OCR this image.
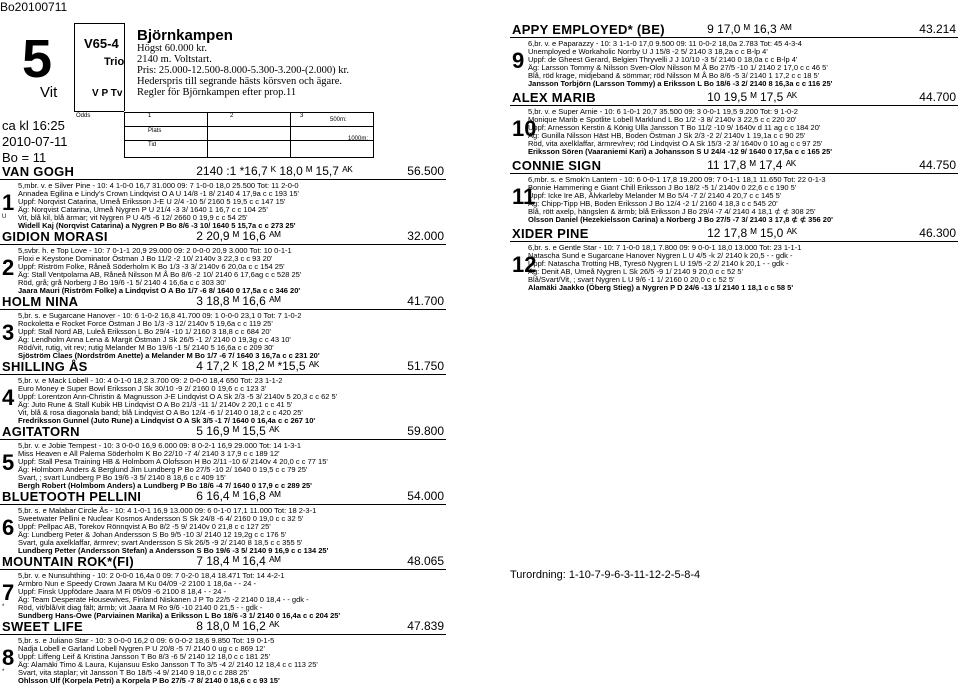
Bo20100711
5 V65-4
Trio
V P Tv
Vit
Björnkampen
Högst 60.000 kr.
2140 m. Voltstart.
Pris: 25.000-12.500-8.000-5.300-3.200-(2.000) kr.
Hederspris till segrande hästs körsven och ägare.
Regler för Björnkampen efter prop.11
ca kl 16:25
2010-07-11
Bo = 11
Odds	1	2	3
Plats
Tid
500m:
1000m:
VAN GOGH	2140 :1 *16,7 ᴷ 18,0 ᴹ 15,7 ᴬᴷ	56.500
1
U
5,mbr. v. e Silver Pine - 10: 4 1-0-0 16,7 31.000 09: 7 1-0-0 18,0 25.500 Tot: 11 2-0-0
Annadea Egilina e Lindy's Crown Lindqvist O A U 14/8 -1 8/ 2140 4 17,9a c c 193 15'
Uppf: Norqvist Catarina, Umeå Eriksson J-E U 2/4 -10 5/ 2160 5 19,5 c c 147 15'
Äg: Norqvist Catarina, Umeå Nygren P U 21/4 -3 3/ 1640 1 16,7 c c 104 25'
Vit, blå kil, blå ärmar; vit Nygren P U 4/5 -6 12/ 2660 0 19,9 c c 54 25'
Widell Kaj (Norqvist Catarina) a Nygren P Bo 8/6 -3 10/ 1640 5 15,7a c c 273 25'
GIDION MORASI	2 20,9 ᴹ 16,6 ᴬᴹ	32.000
2
5,svbr. h. e Top Love - 10: 7 0-1-1 20,9 29.000 09: 2 0-0-0 20,9 3.000 Tot: 10 0-1-1
Floxi e Keystone Dominator Östman J Bo 11/2 -2 10/ 2140v 3 22,3 c c 93 20'
Uppf: Riström Folke, Råneå Söderholm K Bo 1/3 -3 3/ 2140v 6 20,0a c c 154 25'
Äg: Stall Ventpolarna AB, Råneå Nilsson M Å Bo 8/6 -2 10/ 2140 6 17,6ag c c 528 25'
Röd, grå; grå Norberg J Bo 19/6 -1 5/ 2140 4 16,6a c c 303 30'
Jaara Mauri (Riström Folke) a Lindqvist O A Bo 1/7 -6 8/ 1640 0 17,5a c c 346 20'
HOLM NINA	3 18,8 ᴹ 16,6 ᴬᴹ	41.700
3
5,br. s. e Sugarcane Hanover - 10: 6 1-0-2 16,8 41.700 09: 1 0-0-0 23,1 0 Tot: 7 1-0-2
Rockoletta e Rocket Force Östman J Bo 1/3 -3 12/ 2140v 5 19,6a c c 119 25'
Uppf: Stall Nord AB, Luleå Eriksson L Bo 29/4 -10 1/ 2160 3 18,8 c c 684 20'
Äg: Lendholm Anna Lena & Margit Östman J Sk 26/5 -1 2/ 2140 0 19,3g c c 43 10'
Röd/vit, rutig, vit rev; rutig Melander M Bo 19/6 -1 5/ 2140 5 16,6a c c 209 30'
Sjöström Claes (Nordström Anette) a Melander M Bo 1/7 -6 7/ 1640 3 16,7a c c 231 20'
SHILLING ÅS	4 17,2 ᴷ 18,2 ᴹ *15,5 ᴬᴷ	51.750
4
5,br. v. e Mack Lobell - 10: 4 0-1-0 18,2 3.700 09: 2 0-0-0 18,4 650 Tot: 23 1-1-2
Euro Money e Super Bowl Eriksson J Sk 30/10 -9 2/ 2160 0 19,6 c c 123 3'
Uppf: Lorentzon Ann-Christin & Magnusson J-E Lindqvist O A Sk 2/3 -5 3/ 2140v 5 20,3 c c 62 5'
Äg: Juto Rune & Stall Kubik HB Lindqvist O A Bo 21/3 -11 1/ 2140v 2 20,1 c c 41 5'
Vit, blå & rosa diagonala band; blå Lindqvist O A Bo 12/4 -6 1/ 2140 0 18,2 c c 420 25'
Fredriksson Gunnel (Juto Rune) a Lindqvist O A Sk 3/5 -1 7/ 1640 0 16,4a c c 267 10'
AGITATORN	5 16,9 ᴹ 15,5 ᴬᴷ	59.800
5
5,br. v. e Jobie Tempest - 10: 3 0-0-0 16,9 6.000 09: 8 0-2-1 16,9 29.000 Tot: 14 1-3-1
Miss Heaven e All Palema Söderholm K Bo 22/10 -7 4/ 2140 3 17,9 c c 189 12'
Uppf: Stall Pesa Training HB & Holmbom A Olofsson H Bo 2/11 -10 6/ 2140v 4 20,0 c c 77 15'
Äg: Holmbom Anders & Berglund Jim Lundberg P Bo 27/5 -10 2/ 1640 0 19,5 c c 79 25'
Svart, ; svart Lundberg P Bo 19/6 -3 5/ 2140 8 18,6 c c 409 15'
Bergh Robert (Holmbom Anders) a Lundberg P Bo 18/6 -4 7/ 1640 0 17,9 c c 289 25'
BLUETOOTH PELLINI	6 16,4 ᴹ 16,8 ᴬᴹ	54.000
6
5,br. s. e Malabar Circle Ås - 10: 4 1-0-1 16,9 13.000 09: 6 0-1-0 17,1 11.000 Tot: 18 2-3-1
Sweetwater Pellini e Nuclear Kosmos Andersson S Sk 24/8 -6 4/ 2160 0 19,0 c c 32 5'
Uppf: Pellpac AB, Torekov Rönnqvist A Bo 8/2 -5 9/ 2140v 0 21,8 c c 127 25'
Äg: Lundberg Peter & Johan Andersson S Bo 9/5 -10 3/ 2140 12 19,2g c c 176 5'
Svart, gula axelklaffar, ärmrev; svart Andersson S Sk 26/5 -9 2/ 2140 8 18,5 c c 355 5'
Lundberg Petter (Andersson Stefan) a Andersson S Bo 19/6 -3 5/ 2140 9 16,9 c c 134 25'
MOUNTAIN ROK*(FI)	7 18,4 ᴹ 16,4 ᴬᴹ	48.065
7
*
5,br. v. e Nunsuhthing - 10: 2 0-0-0 16,4a 0 09: 7 0-2-0 18,4 18.471 Tot: 14 4-2-1
Armbro Nun e Speedy Crown Jaara M Ku 04/09 -2 2100 1 18,6a - - 24 -
Uppf: Finsk Uppfödare Jaara M Fi 05/09 -6 2100 8 18,4 - - 24 -
Äg: Team Desperate Housewives, Finland Niskanen J P To 22/5 -2 2140 0 18,4 - - gdk -
Röd, vit/blå/vit diag fält; ärmb; vit Jaara M Ro 9/6 -10 2140 0 21,5 - - gdk -
Sundberg Hans-Owe (Parviainen Marika) a Eriksson L Bo 18/6 -3 1/ 2140 0 16,4a c c 204 25'
SWEET LIFE	8 18,0 ᴹ 16,2 ᴬᴷ	47.839
8
*
5,br. s. e Juliano Star - 10: 3 0-0-0 16,2 0 09: 6 0-0-2 18,6 9.850 Tot: 19 0-1-5
Nadja Lobell e Garland Lobell Nygren P U 20/8 -5 7/ 2140 0 ug c c 869 12'
Uppf: Liffeng Leif & Kristina Jansson T Bo 8/3 -6 5/ 2140 12 18,0 c c 181 25'
Äg: Alamäki Timo & Laura, Kujansuu Esko Jansson T To 3/5 -4 2/ 2140 12 18,4 c c 113 25'
Svart, vita staplar; vit Jansson T Bo 18/5 -4 9/ 2140 9 18,0 c c 288 25'
Ohlsson Ulf (Korpela Petri) a Korpela P Bo 27/5 -7 8/ 2140 0 18,6 c c 93 15'
APPY EMPLOYED* (BE)	9 17,0 ᴹ 16,3 ᴬᴹ	43.214
9
6,br. v. e Paparazzy - 10: 3 1-1-0 17,0 9.500 09: 11 0-0-2 18,0a 2.783 Tot: 45 4-3-4
Unemployed e Workaholic Norrby U J 15/8 -2 5/ 2140 3 18,2a c c B-lp 4'
Uppf: de Gheest Gerard, Belgien Thryvelli J J 10/10 -3 5/ 2140 0 18,0a c c B-lp 4'
Äg: Larsson Tommy & Nilsson Sven-Olov Nilsson M Å Bo 27/5 -10 1/ 2140 2 17,0 c c 46 5'
Blå, röd krage, midjeband & sömmar; röd Nilsson M Å Bo 8/6 -5 3/ 2140 1 17,2 c c 18 5'
Jansson Torbjörn (Larsson Tommy) a Eriksson L Bo 18/6 -3 2/ 2140 8 16,3a c c 116 25'
ALEX MARIB	10 19,5 ᴹ 17,5 ᴬᴷ	44.700
10
5,br. v. e Super Arnie - 10: 6 1-0-1 20,7 35.500 09: 3 0-0-1 19,5 9.200 Tot: 9 1-0-2
Monique Marib e Spotlite Lobell Marklund L Bo 1/2 -3 8/ 2140v 3 22,5 c c 220 20'
Uppf: Arnesson Kerstin & König Ulla Jansson T Bo 11/2 -10 9/ 1640v d 11 ag c c 184 20'
Äg: Gunilla Nilsson Häst HB, Boden Östman J Sk 2/3 -2 2/ 2140v 1 19,1a c c 90 25'
Röd, vita axelklaffar, ärmrev/rev; röd Lindqvist O A Sk 15/3 -2 3/ 1640v 0 10 ag c c 97 25'
Eriksson Sören (Vaaraniemi Kari) a Johansson S U 24/4 -12 9/ 1640 0 17,5a c c 165 25'
CONNIE SIGN	11 17,8 ᴹ 17,4 ᴬᴷ	44.750
11
6,mbr. s. e Smok'n Lantern - 10: 6 0-0-1 17,8 19.200 09: 7 0-1-1 18,1 11.650 Tot: 22 0-1-3
Bonnie Hammering e Giant Chill Eriksson J Bo 18/2 -5 1/ 2140v 0 22,6 c c 190 5'
Uppf: Icke Ire AB, Älvkarleby Melander M Bo 5/4 -7 2/ 2140 4 20,7 c c 145 5'
Äg: Chipp-Tipp HB, Boden Eriksson J Bo 12/4 -2 1/ 2160 4 18,3 c c 545 20'
Blå, rött axelp, hängslen & ärmb; blå Eriksson J Bo 29/4 -7 4/ 2140 4 18,1 ⊄ ⊄ 308 25'
Olsson Daniel (Hezekielsson Carina) a Norberg J Bo 27/5 -7 3/ 2140 3 17,8 ⊄ ⊄ 356 20'
XIDER PINE	12 17,8 ᴹ 15,0 ᴬᴷ	46.300
12
6,br. s. e Gentle Star - 10: 7 1-0-0 18,1 7.800 09: 9 0-0-1 18,0 13.000 Tot: 23 1-1-1
Natascha Sund e Sugarcane Hanover Nygren L U 4/5 -k 2/ 2140 k 20,5 - - gdk -
Uppf: Natascha Trotting HB, Tyresö Nygren L U 19/5 -2 2/ 2140 k 20,1 - - gdk -
Äg: Denit AB, Umeå Nygren L Sk 26/5 -9 1/ 2140 9 20,0 c c 52 5'
Blå/Svart/Vit, ; svart Nygren L U 9/6 -1 1/ 2160 0 20,0 c c 52 5'
Alamäki Jaakko (Öberg Stieg) a Nygren P D 24/6 -13 1/ 2140 1 18,1 c c 58 5'
Turordning: 1-10-7-9-6-3-11-12-2-5-8-4
